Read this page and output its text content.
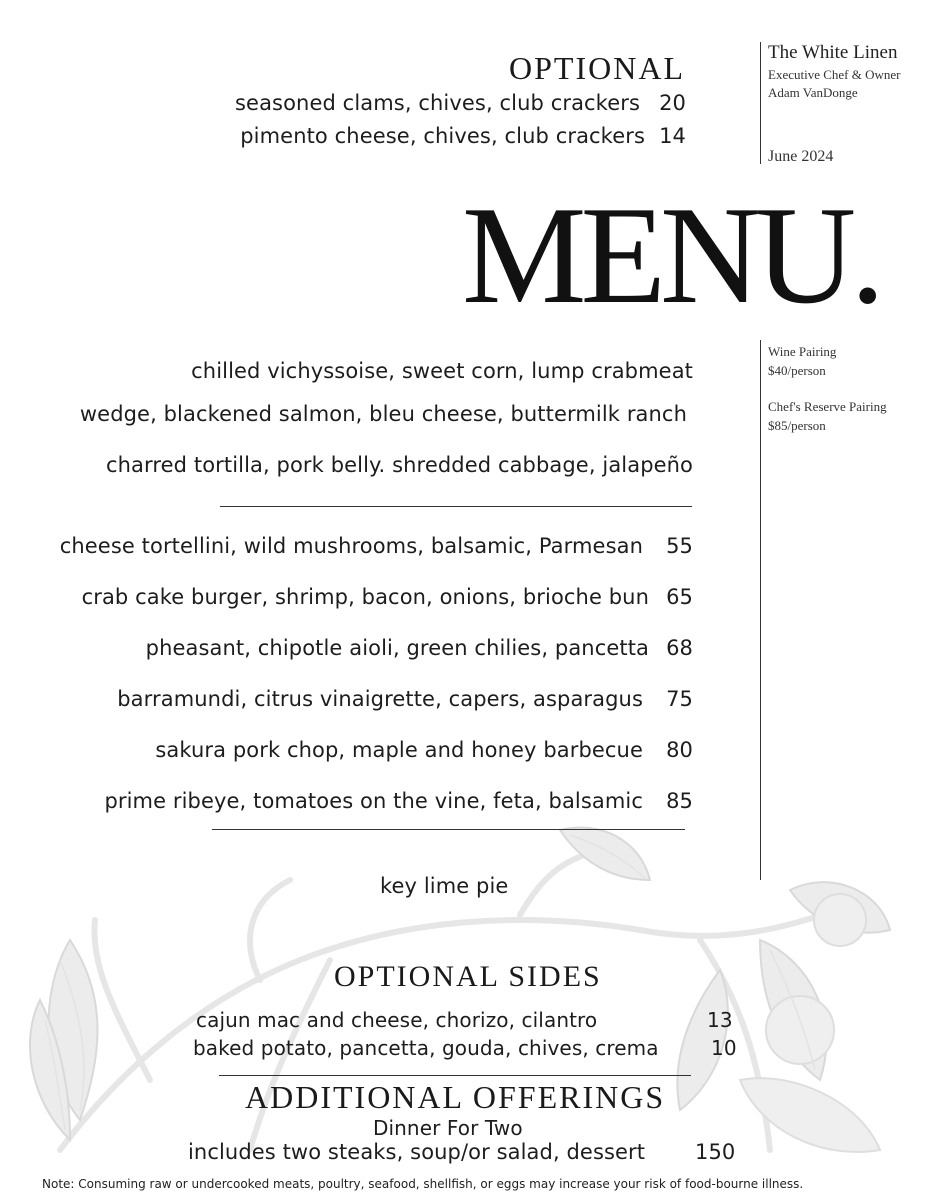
The White Linen
Executive Chef & Owner
Adam VanDonge
June 2024
Wine Pairing
$40/person
Chef's Reserve Pairing
$85/person
OPTIONAL
seasoned clams, chives, club crackers 20
pimento cheese, chives, club crackers 14
MENU.
chilled vichyssoise, sweet corn, lump crabmeat
wedge, blackened salmon, bleu cheese, buttermilk ranch
charred tortilla, pork belly. shredded cabbage, jalapeño
cheese tortellini, wild mushrooms, balsamic, Parmesan 55
crab cake burger, shrimp, bacon, onions, brioche bun 65
pheasant, chipotle aioli, green chilies, pancetta 68
barramundi, citrus vinaigrette, capers, asparagus 75
sakura pork chop, maple and honey barbecue 80
prime ribeye, tomatoes on the vine, feta, balsamic 85
key lime pie
OPTIONAL SIDES
cajun mac and cheese, chorizo, cilantro	13
baked potato, pancetta, gouda, chives, crema	10
ADDITIONAL OFFERINGS
Dinner For Two
includes two steaks, soup/or salad, dessert 150
Note: Consuming raw or undercooked meats, poultry, seafood, shellfish, or eggs may increase your risk of food-bourne illness.
